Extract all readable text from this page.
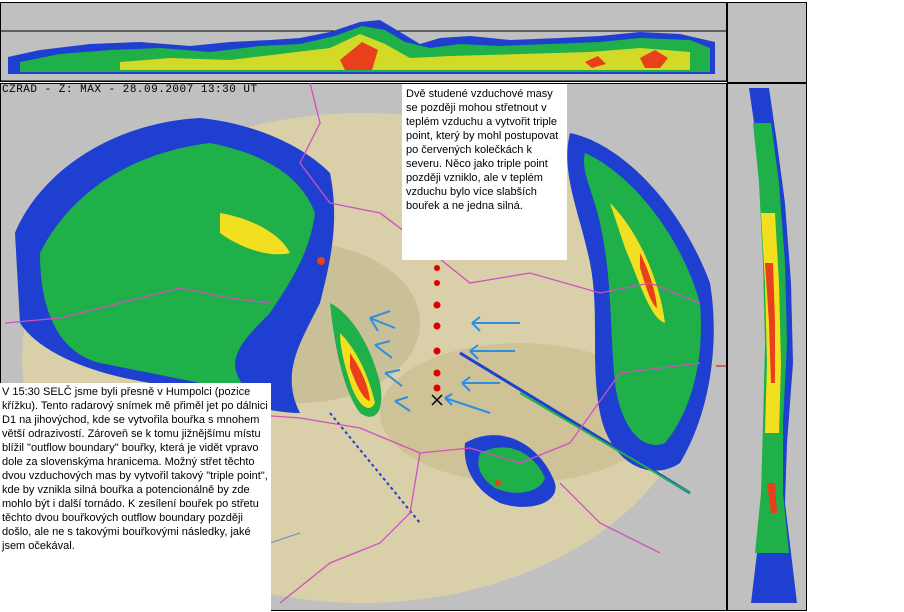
CZRAD - Z: MAX - 28.09.2007 13:30 UT	Dvě studené vzduchové masy se později mohou střetnout v teplém vzduchu a vytvořit triple point, který by mohl postupovat po červených kolečkách k severu. Něco jako triple point později vzniklo, ale v teplém vzduchu bylo více slabších bouřek a ne jedna silná.
V 15:30 SELČ jsme byli přesně v Humpolci (pozice křížku). Tento radarový snímek mě přiměl jet po dálnici D1 na jihovýchod, kde se vytvořila bouřka s mnohem větší odrazivostí. Zároveň se k tomu jižnějšímu místu blížil "outflow boundary" bouřky, která je vidět vpravo dole za slovenskýma hranicema. Možný střet těchto dvou vzduchových mas by vytvořil takový "triple point", kde by vznikla silná bouřka a potencionálně by zde mohlo být i další tornádo. K zesílení bouřek po střetu těchto dvou bouřkových outflow boundary později došlo, ale ne s takovými bouřkovými následky, jaké jsem očekával.
